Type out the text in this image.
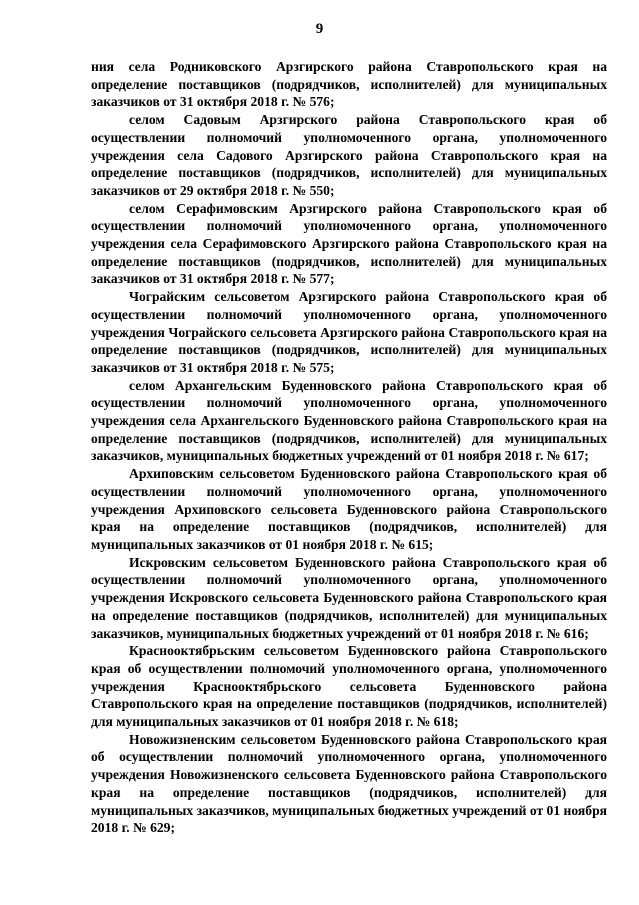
9

ния села Родниковского Арзгирского района Ставропольского края на определение поставщиков (подрядчиков, исполнителей) для муниципальных заказчиков от 31 октября 2018 г. № 576;

селом Садовым Арзгирского района Ставропольского края об осуществлении полномочий уполномоченного органа, уполномоченного учреждения села Садового Арзгирского района Ставропольского края на определение поставщиков (подрядчиков, исполнителей) для муниципальных заказчиков от 29 октября 2018 г. № 550;

селом Серафимовским Арзгирского района Ставропольского края об осуществлении полномочий уполномоченного органа, уполномоченного учреждения села Серафимовского Арзгирского района Ставропольского края на определение поставщиков (подрядчиков, исполнителей) для муниципальных заказчиков от 31 октября 2018 г. № 577;

Чограйским сельсоветом Арзгирского района Ставропольского края об осуществлении полномочий уполномоченного органа, уполномоченного учреждения Чограйского сельсовета Арзгирского района Ставропольского края на определение поставщиков (подрядчиков, исполнителей) для муниципальных заказчиков от 31 октября 2018 г. № 575;

селом Архангельским Буденновского района Ставропольского края об осуществлении полномочий уполномоченного органа, уполномоченного учреждения села Архангельского Буденновского района Ставропольского края на определение поставщиков (подрядчиков, исполнителей) для муниципальных заказчиков, муниципальных бюджетных учреждений от 01 ноября 2018 г. № 617;

Архиповским сельсоветом Буденновского района Ставропольского края об осуществлении полномочий уполномоченного органа, уполномоченного учреждения Архиповского сельсовета Буденновского района Ставропольского края на определение поставщиков (подрядчиков, исполнителей) для муниципальных заказчиков от 01 ноября 2018 г. № 615;

Искровским сельсоветом Буденновского района Ставропольского края об осуществлении полномочий уполномоченного органа, уполномоченного учреждения Искровского сельсовета Буденновского района Ставропольского края на определение поставщиков (подрядчиков, исполнителей) для муниципальных заказчиков, муниципальных бюджетных учреждений от 01 ноября 2018 г. № 616;

Краснооктябрьским сельсоветом Буденновского района Ставропольского края об осуществлении полномочий уполномоченного органа, уполномоченного учреждения Краснооктябрьского сельсовета Буденновского района Ставропольского края на определение поставщиков (подрядчиков, исполнителей) для муниципальных заказчиков от 01 ноября 2018 г. № 618;

Новожизненским сельсоветом Буденновского района Ставропольского края об осуществлении полномочий уполномоченного органа, уполномоченного учреждения Новожизненского сельсовета Буденновского района Ставропольского края на определение поставщиков (подрядчиков, исполнителей) для муниципальных заказчиков, муниципальных бюджетных учреждений от 01 ноября 2018 г. № 629;
